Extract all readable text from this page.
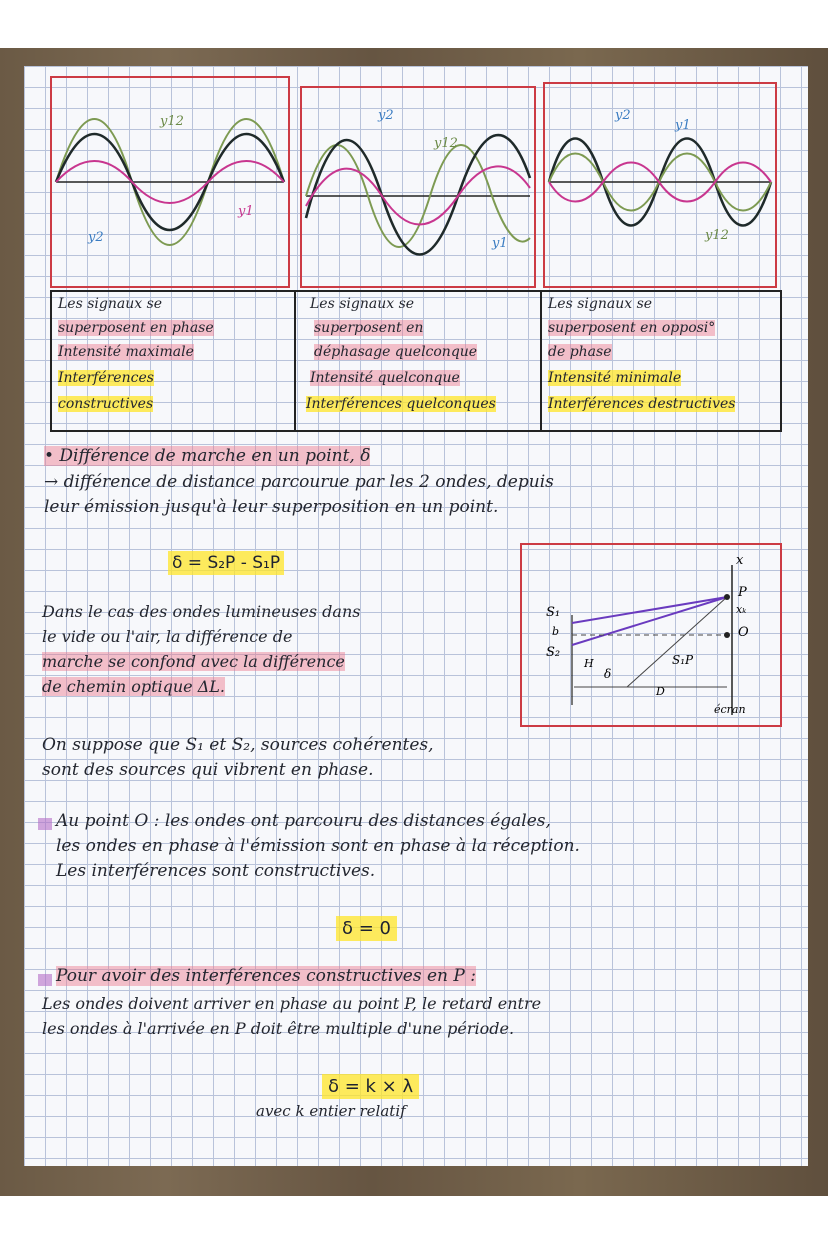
y12
y1
y2
y2
y12
y1
y2
y1
y12
Les signaux se
superposent en phase
Intensité maximale
Interférences
constructives
Les signaux se
superposent en
déphasage quelconque
Intensité quelconque
Interférences quelconques
Les signaux se
superposent en opposi°
de phase
Intensité minimale
Interférences destructives
• Différence de marche en un point, δ
→ différence de distance parcourue par les 2 ondes, depuis
leur émission jusqu'à leur superposition en un point.
δ = S₂P - S₁P
Dans le cas des ondes lumineuses dans
le vide ou l'air, la différence de
marche se confond avec la différence
de chemin optique ΔL.
S₁
b
S₂
H
δ
S₁P
D
x
P
xₖ
O
écran
On suppose que S₁ et S₂, sources cohérentes,
sont des sources qui vibrent en phase.
Au point O : les ondes ont parcouru des distances égales,
les ondes en phase à l'émission sont en phase à la réception.
Les interférences sont constructives.
δ = 0
Pour avoir des interférences constructives en P :
Les ondes doivent arriver en phase au point P, le retard entre
les ondes à l'arrivée en P doit être multiple d'une période.
δ = k × λ
avec k entier relatif
